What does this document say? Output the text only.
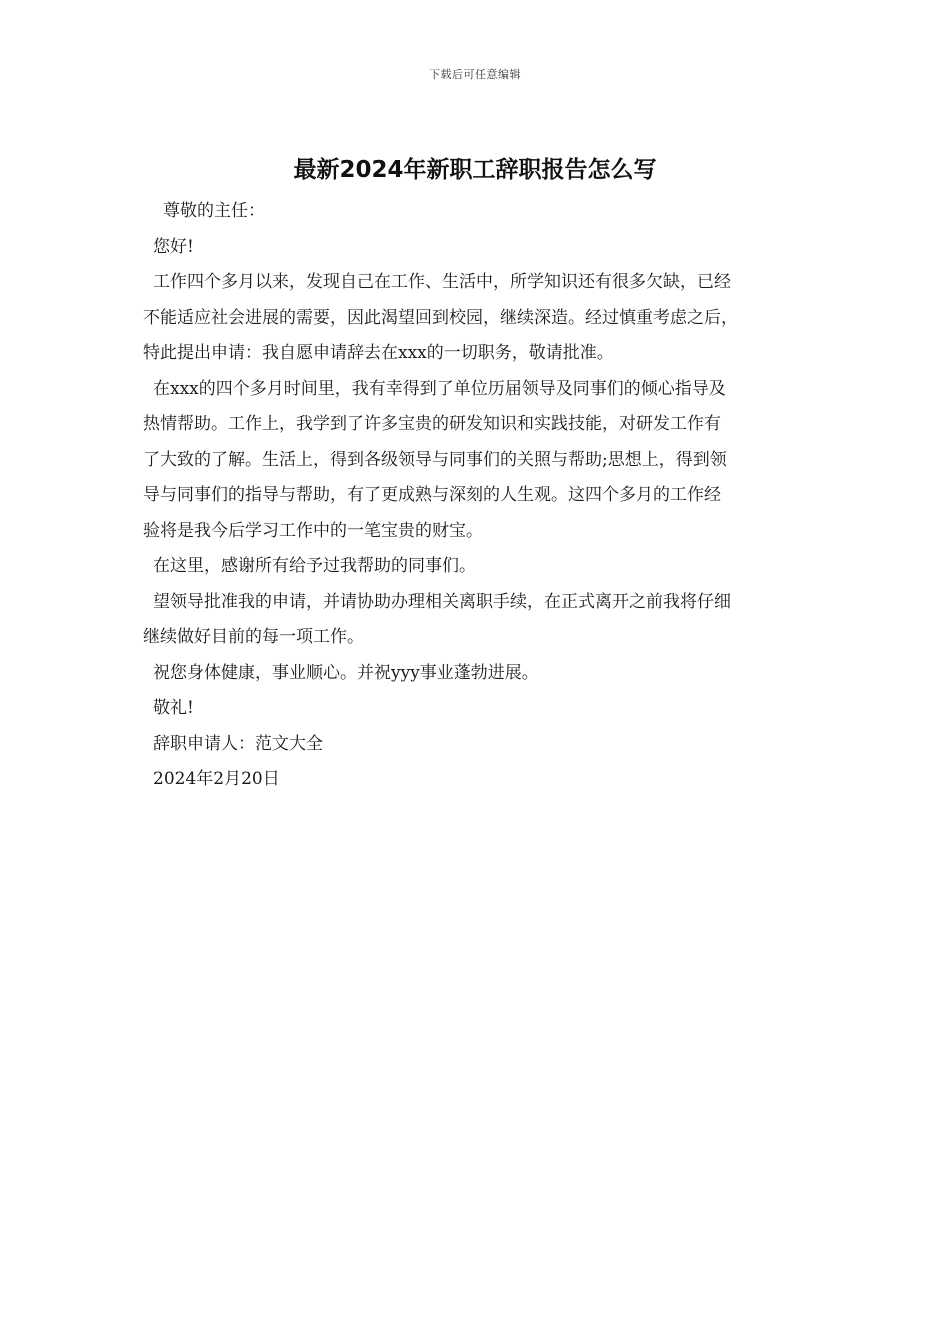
下载后可任意编辑
最新2024年新职工辞职报告怎么写

尊敬的主任：

您好!

工作四个多月以来，发现自己在工作、生活中，所学知识还有很多欠缺，已经
不能适应社会进展的需要，因此渴望回到校园，继续深造。经过慎重考虑之后，
特此提出申请：我自愿申请辞去在xxx的一切职务，敬请批准。

在xxx的四个多月时间里，我有幸得到了单位历届领导及同事们的倾心指导及
热情帮助。工作上，我学到了许多宝贵的研发知识和实践技能，对研发工作有
了大致的了解。生活上，得到各级领导与同事们的关照与帮助;思想上，得到领
导与同事们的指导与帮助，有了更成熟与深刻的人生观。这四个多月的工作经
验将是我今后学习工作中的一笔宝贵的财宝。

在这里，感谢所有给予过我帮助的同事们。

望领导批准我的申请，并请协助办理相关离职手续，在正式离开之前我将仔细
继续做好目前的每一项工作。

祝您身体健康，事业顺心。并祝yyy事业蓬勃进展。

敬礼!

辞职申请人：范文大全

2024年2月20日
